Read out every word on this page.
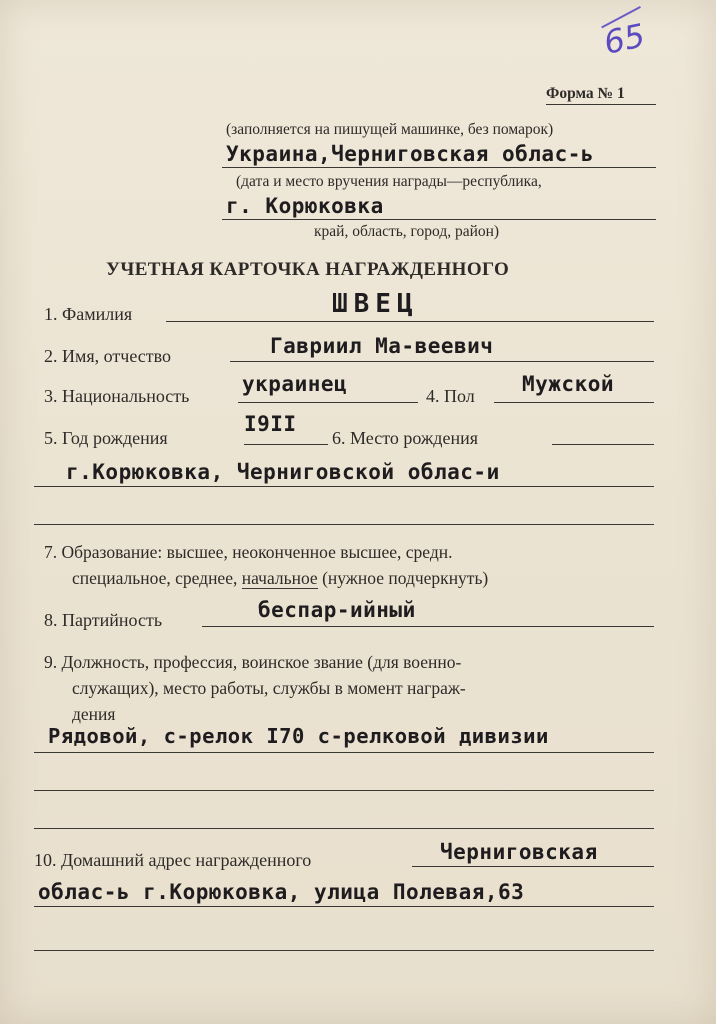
65
Форма № 1
(заполняется на пишущей машинке, без помарок)
Украина,Черниговская облас-ь
(дата и место вручения награды—республика,
г. Корюковка
край, область, город, район)
УЧЕТНАЯ КАРТОЧКА НАГРАЖДЕННОГО
1. Фамилия	ШВЕЦ
2. Имя, отчество	Гавриил Ма-веевич
3. Национальность	украинец	4. Пол Мужской
5. Год рождения
I9II
6. Место рождения
г.Корюковка, Черниговской облас-и
7. Образование: высшее, неоконченное высшее, средн.
специальное, среднее, начальное (нужное подчеркнуть)
8. Партийность	беспар-ийный
9. Должность, профессия, воинское звание (для военно-
служащих), место работы, службы в момент награж-
дения
Рядовой, с-релок I70 с-релковой дивизии
10. Домашний адрес награжденного	Черниговская
облас-ь г.Корюковка, улица Полевая,63
